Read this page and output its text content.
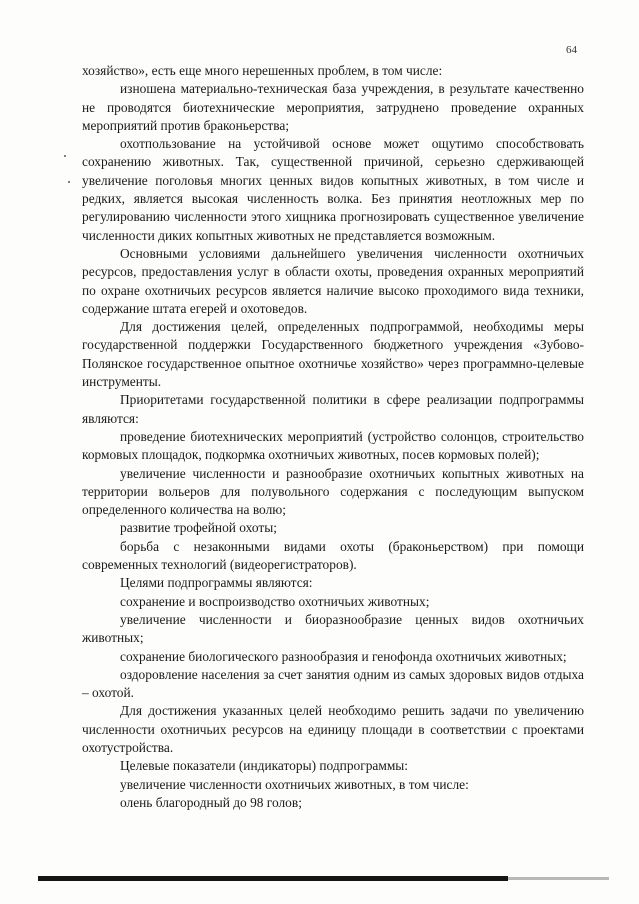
64

хозяйство», есть еще много нерешенных проблем, в том числе:

изношена материально-техническая база учреждения, в результате качественно не проводятся биотехнические мероприятия, затруднено проведение охранных мероприятий против браконьерства;

охотпользование на устойчивой основе может ощутимо способствовать сохранению животных. Так, существенной причиной, серьезно сдерживающей увеличение поголовья многих ценных видов копытных животных, в том числе и редких, является высокая численность волка. Без принятия неотложных мер по регулированию численности этого хищника прогнозировать существенное увеличение численности диких копытных животных не представляется возможным.

Основными условиями дальнейшего увеличения численности охотничьих ресурсов, предоставления услуг в области охоты, проведения охранных мероприятий по охране охотничьих ресурсов является наличие высоко проходимого вида техники, содержание штата егерей и охотоведов.

Для достижения целей, определенных подпрограммой, необходимы меры государственной поддержки Государственного бюджетного учреждения «Зубово-Полянское государственное опытное охотничье хозяйство» через программно-целевые инструменты.

Приоритетами государственной политики в сфере реализации подпрограммы являются:

проведение биотехнических мероприятий (устройство солонцов, строительство кормовых площадок, подкормка охотничьих животных, посев кормовых полей);

увеличение численности и разнообразие охотничьих копытных животных на территории вольеров для полувольного содержания с последующим выпуском определенного количества на волю;

развитие трофейной охоты;

борьба с незаконными видами охоты (браконьерством) при помощи современных технологий (видеорегистраторов).

Целями подпрограммы являются:

сохранение и воспроизводство охотничьих животных;

увеличение численности и биоразнообразие ценных видов охотничьих животных;

сохранение биологического разнообразия и генофонда охотничьих животных;

оздоровление населения за счет занятия одним из самых здоровых видов отдыха – охотой.

Для достижения указанных целей необходимо решить задачи по увеличению численности охотничьих ресурсов на единицу площади в соответствии с проектами охотустройства.

Целевые показатели (индикаторы) подпрограммы:

увеличение численности охотничьих животных, в том числе:

олень благородный до 98 голов;
